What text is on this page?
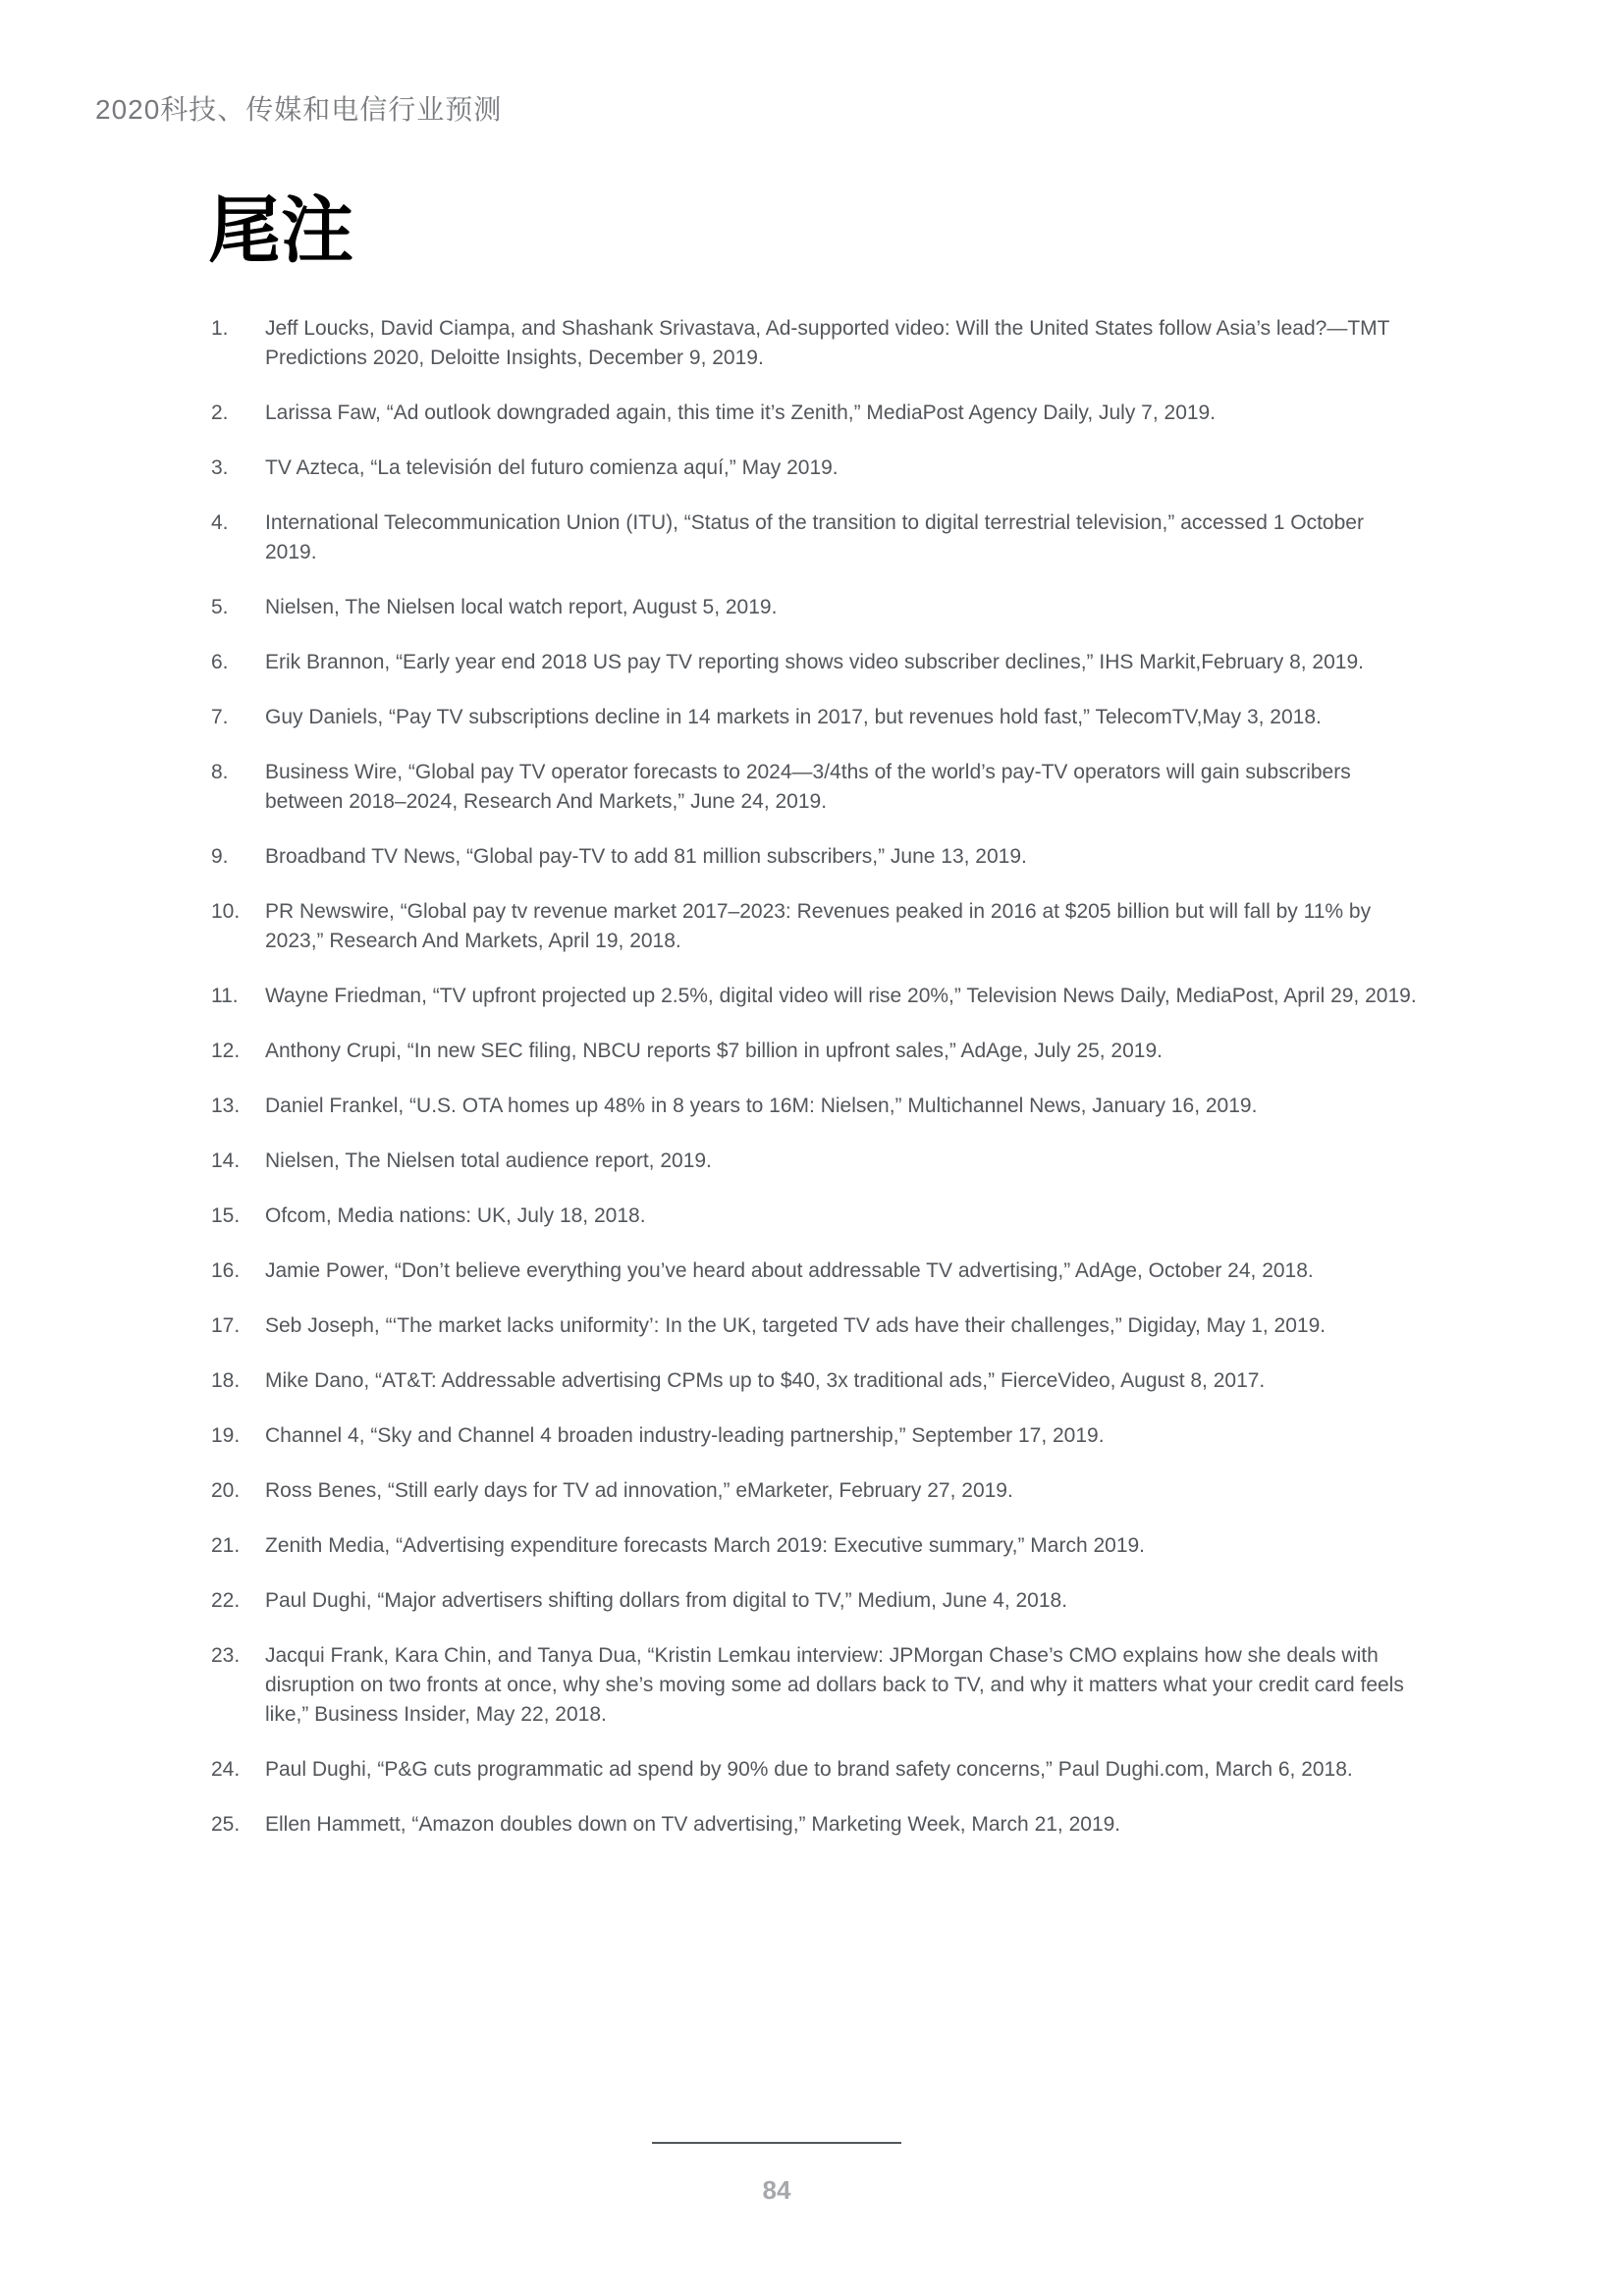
2020科技、传媒和电信行业预测
尾注
1.	Jeff Loucks, David Ciampa, and Shashank Srivastava, Ad-supported video: Will the United States follow Asia’s lead?—TMT Predictions 2020, Deloitte Insights, December 9, 2019.
2.	Larissa Faw, “Ad outlook downgraded again, this time it’s Zenith,” MediaPost Agency Daily, July 7, 2019.
3.	TV Azteca, “La televisión del futuro comienza aquí,” May 2019.
4.	International Telecommunication Union (ITU), “Status of the transition to digital terrestrial television,” accessed 1 October 2019.
5.	Nielsen, The Nielsen local watch report, August 5, 2019.
6.	Erik Brannon, “Early year end 2018 US pay TV reporting shows video subscriber declines,” IHS Markit,February 8, 2019.
7.	Guy Daniels, “Pay TV subscriptions decline in 14 markets in 2017, but revenues hold fast,” TelecomTV,May 3, 2018.
8.	Business Wire, “Global pay TV operator forecasts to 2024—3/4ths of the world’s pay-TV operators will gain subscribers between 2018–2024, Research And Markets,” June 24, 2019.
9.	Broadband TV News, “Global pay-TV to add 81 million subscribers,” June 13, 2019.
10.	PR Newswire, “Global pay tv revenue market 2017–2023: Revenues peaked in 2016 at $205 billion but will fall by 11% by 2023,” Research And Markets, April 19, 2018.
11.	Wayne Friedman, “TV upfront projected up 2.5%, digital video will rise 20%,” Television News Daily, MediaPost, April 29, 2019.
12.	Anthony Crupi, “In new SEC filing, NBCU reports $7 billion in upfront sales,” AdAge, July 25, 2019.
13.	Daniel Frankel, “U.S. OTA homes up 48% in 8 years to 16M: Nielsen,” Multichannel News, January 16, 2019.
14.	Nielsen, The Nielsen total audience report, 2019.
15.	Ofcom, Media nations: UK, July 18, 2018.
16.	Jamie Power, “Don’t believe everything you’ve heard about addressable TV advertising,” AdAge, October 24, 2018.
17.	Seb Joseph, “‘The market lacks uniformity’: In the UK, targeted TV ads have their challenges,” Digiday, May 1, 2019.
18.	Mike Dano, “AT&T: Addressable advertising CPMs up to $40, 3x traditional ads,” FierceVideo, August 8, 2017.
19.	Channel 4, “Sky and Channel 4 broaden industry-leading partnership,” September 17, 2019.
20.	Ross Benes, “Still early days for TV ad innovation,” eMarketer, February 27, 2019.
21.	Zenith Media, “Advertising expenditure forecasts March 2019: Executive summary,” March 2019.
22.	Paul Dughi, “Major advertisers shifting dollars from digital to TV,” Medium, June 4, 2018.
23.	Jacqui Frank, Kara Chin, and Tanya Dua, “Kristin Lemkau interview: JPMorgan Chase’s CMO explains how she deals with disruption on two fronts at once, why she’s moving some ad dollars back to TV, and why it matters what your credit card feels like,” Business Insider, May 22, 2018.
24.	Paul Dughi, “P&G cuts programmatic ad spend by 90% due to brand safety concerns,” Paul Dughi.com, March 6, 2018.
25.	Ellen Hammett, “Amazon doubles down on TV advertising,” Marketing Week, March 21, 2019.
84
